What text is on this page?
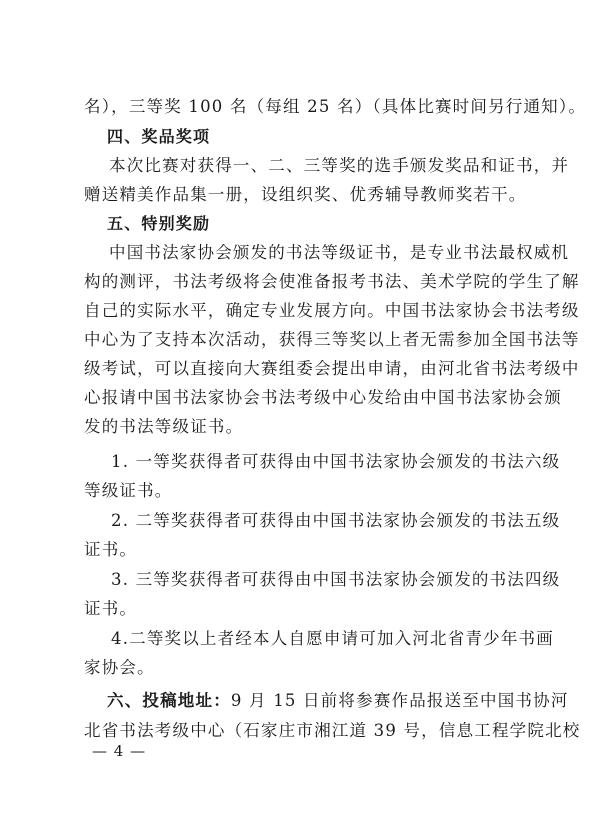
名），三等奖 100 名（每组 25 名）（具体比赛时间另行通知）。
四、奖品奖项
本次比赛对获得一、二、三等奖的选手颁发奖品和证书，并
赠送精美作品集一册，设组织奖、优秀辅导教师奖若干。
五、特别奖励
中国书法家协会颁发的书法等级证书，是专业书法最权威机
构的测评，书法考级将会使准备报考书法、美术学院的学生了解
自己的实际水平，确定专业发展方向。中国书法家协会书法考级
中心为了支持本次活动，获得三等奖以上者无需参加全国书法等
级考试，可以直接向大赛组委会提出申请，由河北省书法考级中
心报请中国书法家协会书法考级中心发给由中国书法家协会颁
发的书法等级证书。
1. 一等奖获得者可获得由中国书法家协会颁发的书法六级
等级证书。
2. 二等奖获得者可获得由中国书法家协会颁发的书法五级
证书。
3. 三等奖获得者可获得由中国书法家协会颁发的书法四级
证书。
4.二等奖以上者经本人自愿申请可加入河北省青少年书画
家协会。
六、投稿地址：9 月 15 日前将参赛作品报送至中国书协河
北省书法考级中心（石家庄市湘江道 39 号，信息工程学院北校
— 4 —
